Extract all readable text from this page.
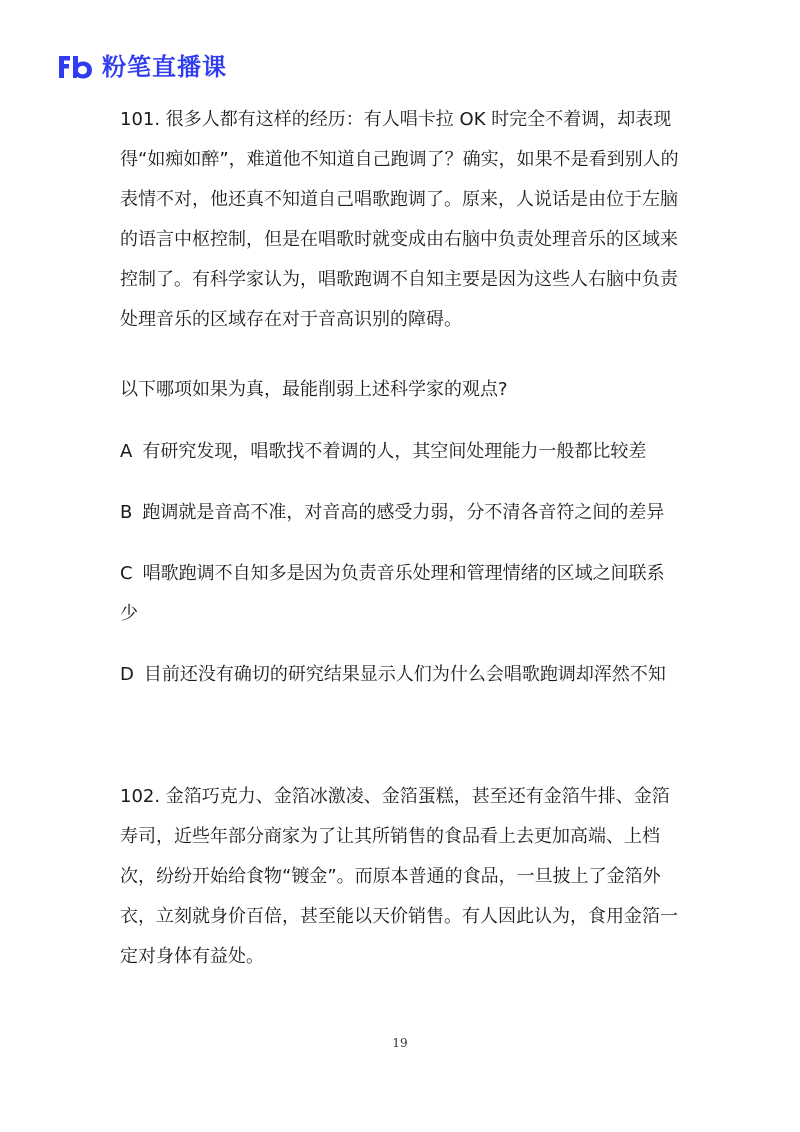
粉笔直播课

101. 很多人都有这样的经历：有人唱卡拉 OK 时完全不着调，却表现得“如痴如醉”，难道他不知道自己跑调了？确实，如果不是看到别人的表情不对，他还真不知道自己唱歌跑调了。原来，人说话是由位于左脑的语言中枢控制，但是在唱歌时就变成由右脑中负责处理音乐的区域来控制了。有科学家认为，唱歌跑调不自知主要是因为这些人右脑中负责处理音乐的区域存在对于音高识别的障碍。

以下哪项如果为真，最能削弱上述科学家的观点?

A 有研究发现，唱歌找不着调的人，其空间处理能力一般都比较差

B 跑调就是音高不准，对音高的感受力弱，分不清各音符之间的差异

C 唱歌跑调不自知多是因为负责音乐处理和管理情绪的区域之间联系少

D 目前还没有确切的研究结果显示人们为什么会唱歌跑调却浑然不知

102. 金箔巧克力、金箔冰激凌、金箔蛋糕，甚至还有金箔牛排、金箔寿司，近些年部分商家为了让其所销售的食品看上去更加高端、上档次，纷纷开始给食物“镀金”。而原本普通的食品，一旦披上了金箔外衣，立刻就身价百倍，甚至能以天价销售。有人因此认为，食用金箔一定对身体有益处。

19
